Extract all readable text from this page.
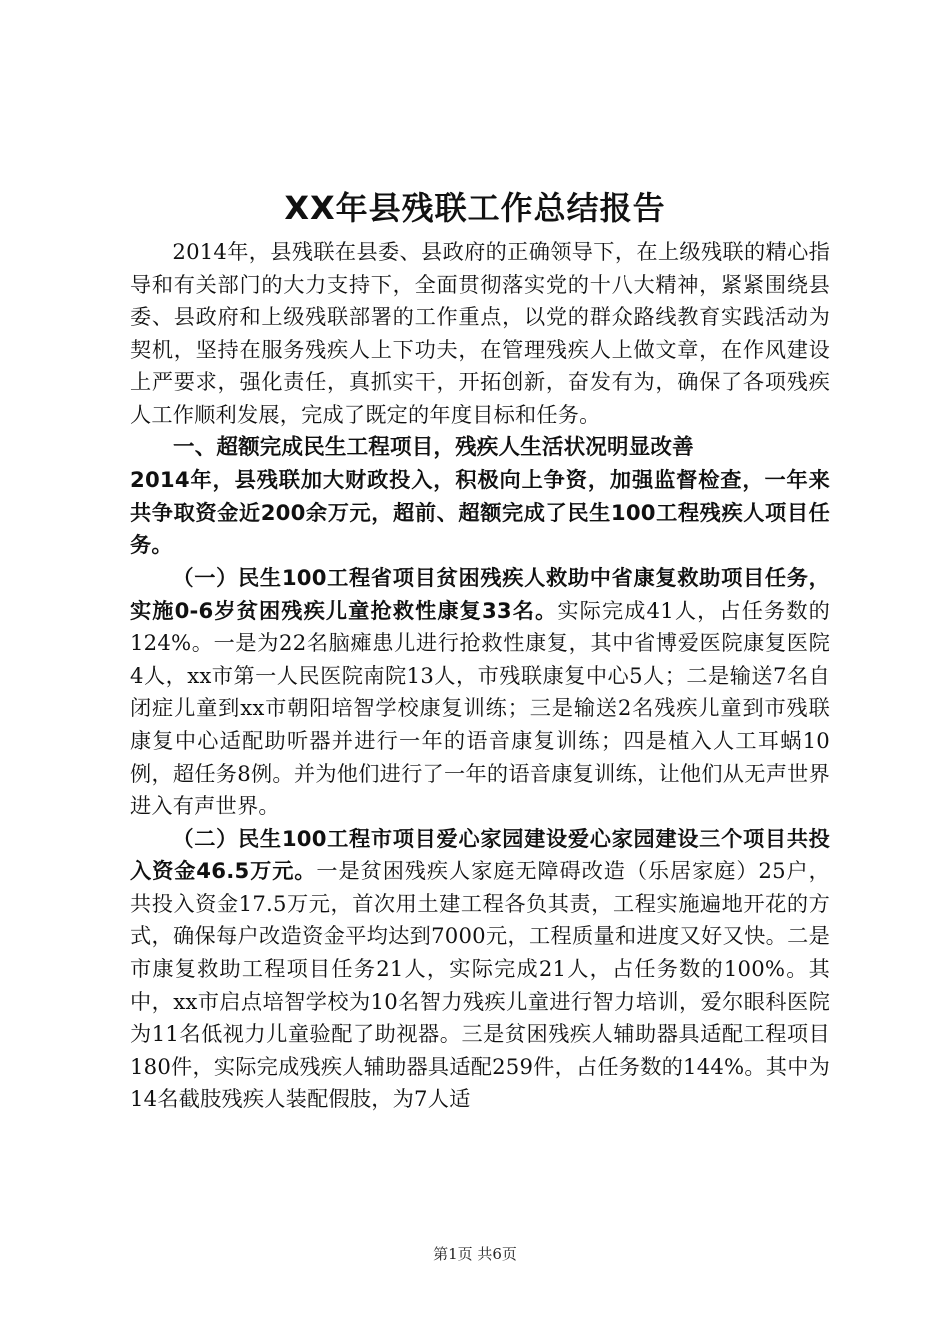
XX年县残联工作总结报告

2014年，县残联在县委、县政府的正确领导下，在上级残联的精心指导和有关部门的大力支持下，全面贯彻落实党的十八大精神，紧紧围绕县委、县政府和上级残联部署的工作重点，以党的群众路线教育实践活动为契机，坚持在服务残疾人上下功夫，在管理残疾人上做文章，在作风建设上严要求，强化责任，真抓实干，开拓创新，奋发有为，确保了各项残疾人工作顺利发展，完成了既定的年度目标和任务。

一、超额完成民生工程项目，残疾人生活状况明显改善

2014年，县残联加大财政投入，积极向上争资，加强监督检查，一年来共争取资金近200余万元，超前、超额完成了民生100工程残疾人项目任务。

（一）民生100工程省项目贫困残疾人救助中省康复救助项目任务，实施0-6岁贫困残疾儿童抢救性康复33名。实际完成41人，占任务数的124%。一是为22名脑瘫患儿进行抢救性康复，其中省博爱医院康复医院4人，xx市第一人民医院南院13人，市残联康复中心5人；二是输送7名自闭症儿童到xx市朝阳培智学校康复训练；三是输送2名残疾儿童到市残联康复中心适配助听器并进行一年的语音康复训练；四是植入人工耳蜗10例，超任务8例。并为他们进行了一年的语音康复训练，让他们从无声世界进入有声世界。

（二）民生100工程市项目爱心家园建设爱心家园建设三个项目共投入资金46.5万元。一是贫困残疾人家庭无障碍改造（乐居家庭）25户，共投入资金17.5万元，首次用土建工程各负其责，工程实施遍地开花的方式，确保每户改造资金平均达到7000元，工程质量和进度又好又快。二是市康复救助工程项目任务21人，实际完成21人，占任务数的100%。其中，xx市启点培智学校为10名智力残疾儿童进行智力培训，爱尔眼科医院为11名低视力儿童验配了助视器。三是贫困残疾人辅助器具适配工程项目180件，实际完成残疾人辅助器具适配259件，占任务数的144%。其中为14名截肢残疾人装配假肢，为7人适

第1页 共6页
